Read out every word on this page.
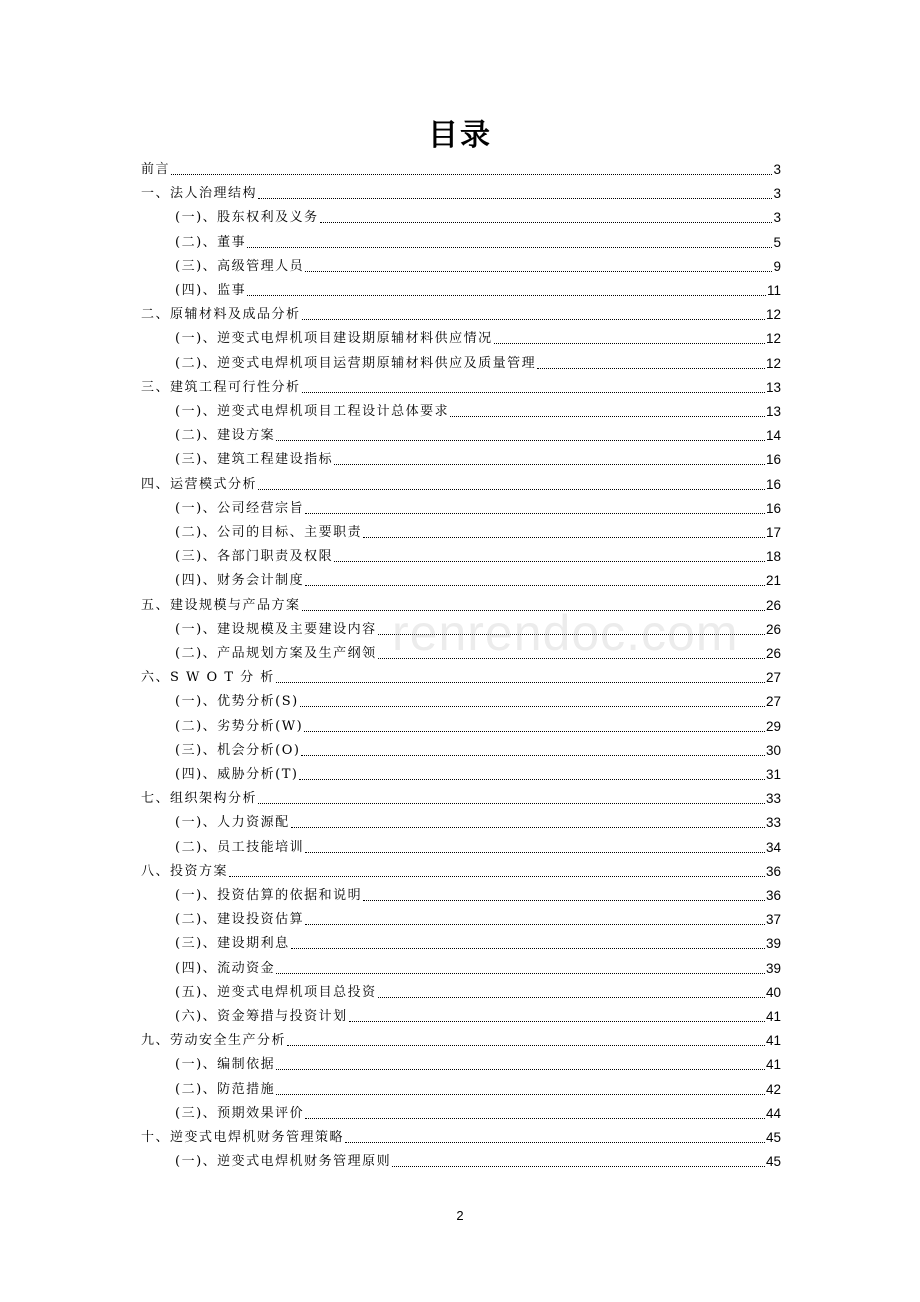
目录
前言	3
一、法人治理结构	3
(一)、股东权利及义务	3
(二)、董事	5
(三)、高级管理人员	9
(四)、监事	11
二、原辅材料及成品分析	12
(一)、逆变式电焊机项目建设期原辅材料供应情况	12
(二)、逆变式电焊机项目运营期原辅材料供应及质量管理	12
三、建筑工程可行性分析	13
(一)、逆变式电焊机项目工程设计总体要求	13
(二)、建设方案	14
(三)、建筑工程建设指标	16
四、运营模式分析	16
(一)、公司经营宗旨	16
(二)、公司的目标、主要职责	17
(三)、各部门职责及权限	18
(四)、财务会计制度	21
五、建设规模与产品方案	26
(一)、建设规模及主要建设内容	26
(二)、产品规划方案及生产纲领	26
六、S W O T 分 析	27
(一)、优势分析(S)	27
(二)、劣势分析(W)	29
(三)、机会分析(O)	30
(四)、威胁分析(T)	31
七、组织架构分析	33
(一)、人力资源配	33
(二)、员工技能培训	34
八、投资方案	36
(一)、投资估算的依据和说明	36
(二)、建设投资估算	37
(三)、建设期利息	39
(四)、流动资金	39
(五)、逆变式电焊机项目总投资	40
(六)、资金筹措与投资计划	41
九、劳动安全生产分析	41
(一)、编制依据	41
(二)、防范措施	42
(三)、预期效果评价	44
十、逆变式电焊机财务管理策略	45
(一)、逆变式电焊机财务管理原则	45
renrendoc.com
2
